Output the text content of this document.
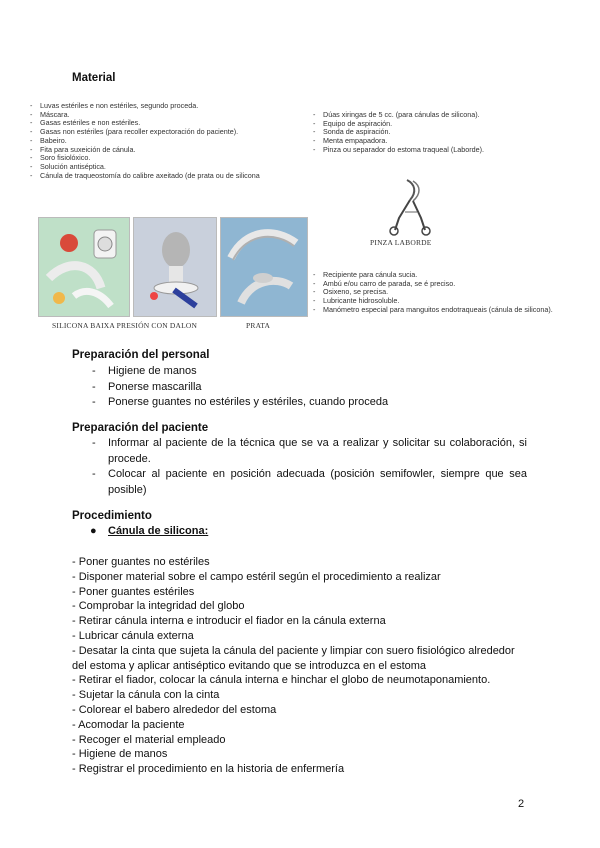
Material
- Luvas estériles e non estériles, segundo proceda.
- Máscara.
- Gasas estériles e non estériles.
- Gasas non estériles (para recoller expectoración do paciente).
- Babeiro.
- Fita para suxeición de cánula.
- Soro fisiolóxico.
- Solución antiséptica.
- Cánula de traqueostomía do calibre axeitado (de prata ou de silicona
- Dúas xiringas de 5 cc. (para cánulas de silicona).
- Equipo de aspiración.
- Sonda de aspiración.
- Menta empapadora.
- Pinza ou separador do estoma traqueal (Laborde).
PINZA LABORDE
SILICONA BAIXA PRESIÓN CON DALON	PRATA
- Recipiente para cánula sucia.
- Ambú e/ou carro de parada, se é preciso.
- Osixeno, se precisa.
- Lubricante hidrosoluble.
- Manómetro especial para manguitos endotraqueais (cánula de silicona).
Preparación del personal
- Higiene de manos
- Ponerse mascarilla
- Ponerse guantes no estériles y estériles, cuando proceda
Preparación del paciente
- Informar al paciente de la técnica que se va a realizar y solicitar su colaboración, si procede.
- Colocar al paciente en posición adecuada (posición semifowler, siempre que sea posible)
Procedimiento
● Cánula de silicona:
- Poner guantes no estériles
- Disponer material sobre el campo estéril según el procedimiento a realizar
- Poner guantes estériles
- Comprobar la integridad del globo
- Retirar cánula interna e introducir el fiador en la cánula externa
- Lubricar cánula externa
- Desatar la cinta que sujeta la cánula del paciente y limpiar con suero fisiológico alrededor del estoma y aplicar antiséptico evitando que se introduzca en el estoma
- Retirar el fiador, colocar la cánula interna e hinchar el globo de neumotaponamiento.
- Sujetar la cánula con la cinta
- Colorear el babero alrededor del estoma
- Acomodar la paciente
- Recoger el material empleado
- Higiene de manos
- Registrar el procedimiento en la historia de enfermería
2
